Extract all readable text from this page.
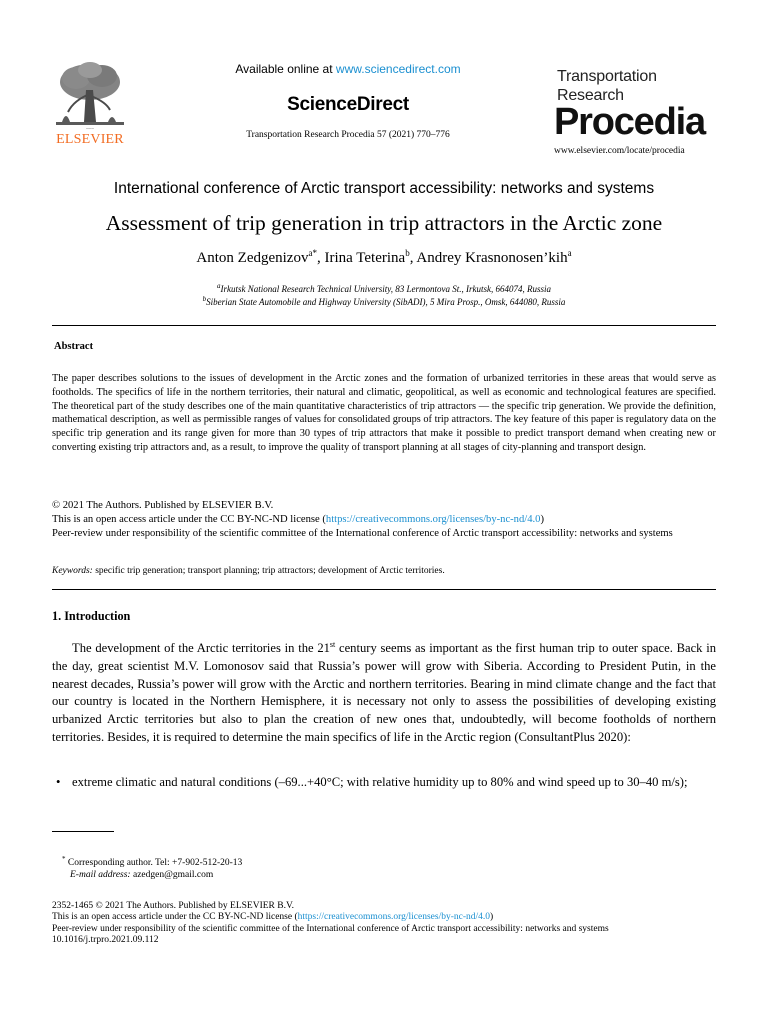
~~~
ELSEVIER
Available online at www.sciencedirect.com
ScienceDirect
Transportation Research Procedia 57 (2021) 770–776
Transportation
Research
Procedia
www.elsevier.com/locate/procedia
International conference of Arctic transport accessibility: networks and systems
Assessment of trip generation in trip attractors in the Arctic zone
Anton Zedgenizov$^{a*}$, Irina Teterina$^b$, Andrey Krasnonosen’kih$^a$
$^a$Irkutsk National Research Technical University, 83 Lermontova St., Irkutsk, 664074, Russia
$^b$Siberian State Automobile and Highway University (SibADI), 5 Mira Prosp., Omsk, 644080, Russia
Abstract
The paper describes solutions to the issues of development in the Arctic zones and the formation of urbanized territories in these areas that would serve as footholds. The specifics of life in the northern territories, their natural and climatic, geopolitical, as well as economic and technological features are specified. The theoretical part of the study describes one of the main quantitative characteristics of trip attractors — the specific trip generation. We provide the definition, mathematical description, as well as permissible ranges of values for consolidated groups of trip attractors. The key feature of this paper is regulatory data on the specific trip generation and its range given for more than 30 types of trip attractors that make it possible to predict transport demand when creating new or converting existing trip attractors and, as a result, to improve the quality of transport planning at all stages of city-planning and transport design.
© 2021 The Authors. Published by ELSEVIER B.V.
This is an open access article under the CC BY-NC-ND license (https://creativecommons.org/licenses/by-nc-nd/4.0)
Peer-review under responsibility of the scientific committee of the International conference of Arctic transport accessibility: networks and systems
Keywords: specific trip generation; transport planning; trip attractors; development of Arctic territories.
1. Introduction

The development of the Arctic territories in the 21st century seems as important as the first human trip to outer space. Back in the day, great scientist M.V. Lomonosov said that Russia’s power will grow with Siberia. According to President Putin, in the nearest decades, Russia’s power will grow with the Arctic and northern territories. Bearing in mind climate change and the fact that our country is located in the Northern Hemisphere, it is necessary not only to assess the possibilities of developing existing urbanized Arctic territories but also to plan the creation of new ones that, undoubtedly, will become footholds of northern territories. Besides, it is required to determine the main specifics of life in the Arctic region (ConsultantPlus 2020):

• extreme climatic and natural conditions (–69...+40°C; with relative humidity up to 80% and wind speed up to 30–40 m/s);
* Corresponding author. Tel: +7-902-512-20-13
E-mail address: azedgen@gmail.com
2352-1465 © 2021 The Authors. Published by ELSEVIER B.V.
This is an open access article under the CC BY-NC-ND license (https://creativecommons.org/licenses/by-nc-nd/4.0)
Peer-review under responsibility of the scientific committee of the International conference of Arctic transport accessibility: networks and systems
10.1016/j.trpro.2021.09.112
